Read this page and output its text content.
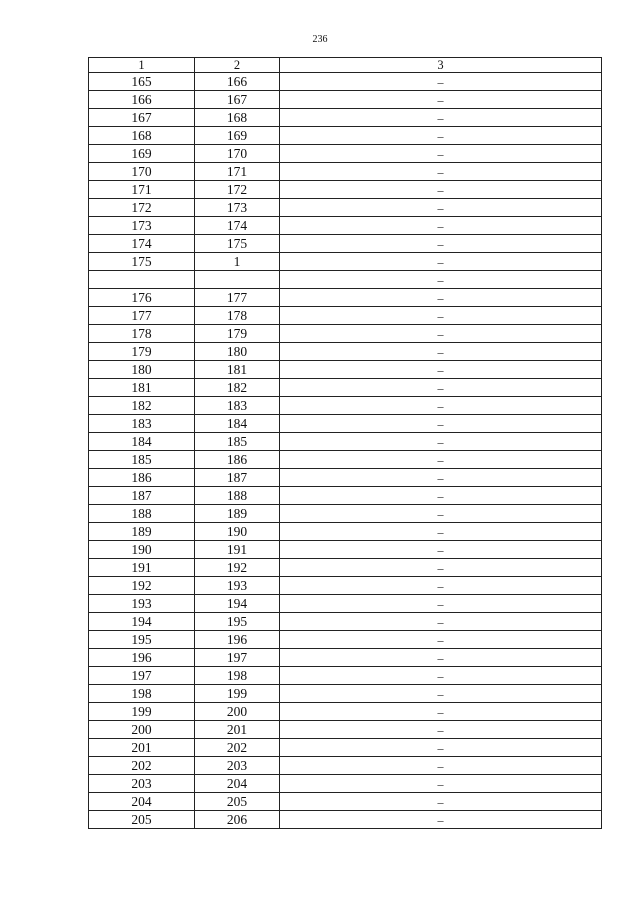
236
1	2	3
165	166	–
166	167	–
167	168	–
168	169	–
169	170	–
170	171	–
171	172	–
172	173	–
173	174	–
174	175	–
175	1	–
		–
176	177	–
177	178	–
178	179	–
179	180	–
180	181	–
181	182	–
182	183	–
183	184	–
184	185	–
185	186	–
186	187	–
187	188	–
188	189	–
189	190	–
190	191	–
191	192	–
192	193	–
193	194	–
194	195	–
195	196	–
196	197	–
197	198	–
198	199	–
199	200	–
200	201	–
201	202	–
202	203	–
203	204	–
204	205	–
205	206	–
